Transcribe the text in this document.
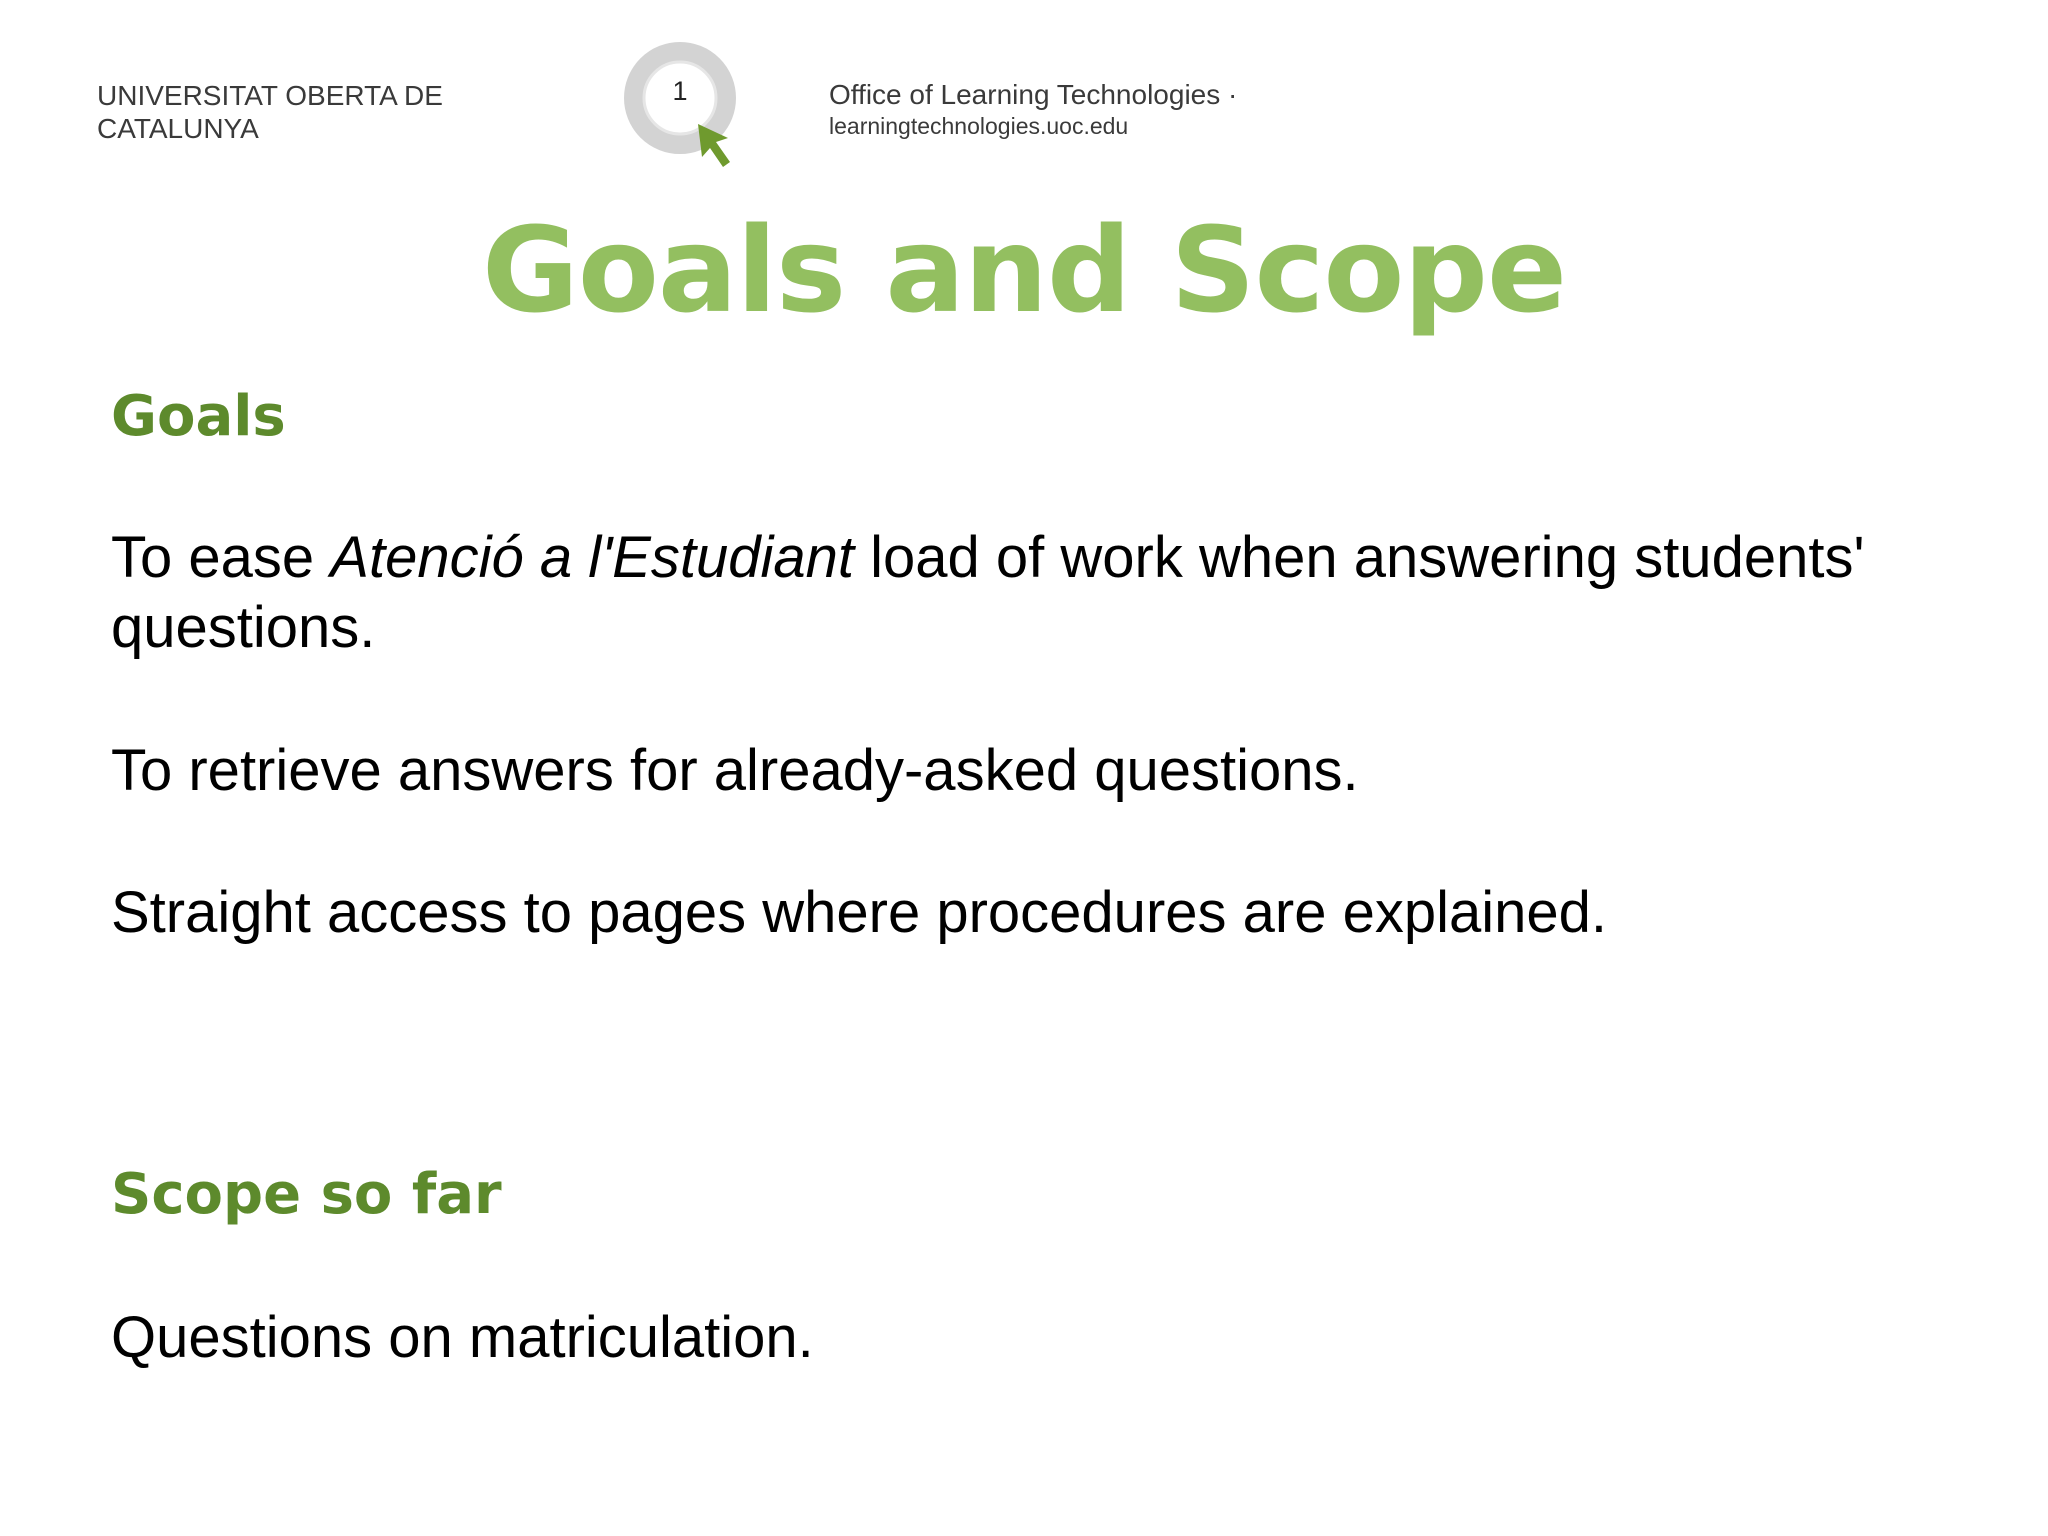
UNIVERSITAT OBERTA DE
CATALUNYA
1	Office of Learning Technologies ·
learningtechnologies.uoc.edu
Goals and Scope
Goals

To ease Atenció a l'Estudiant load of work when answering students' questions.

To retrieve answers for already-asked questions.

Straight access to pages where procedures are explained.

Scope so far

Questions on matriculation.
